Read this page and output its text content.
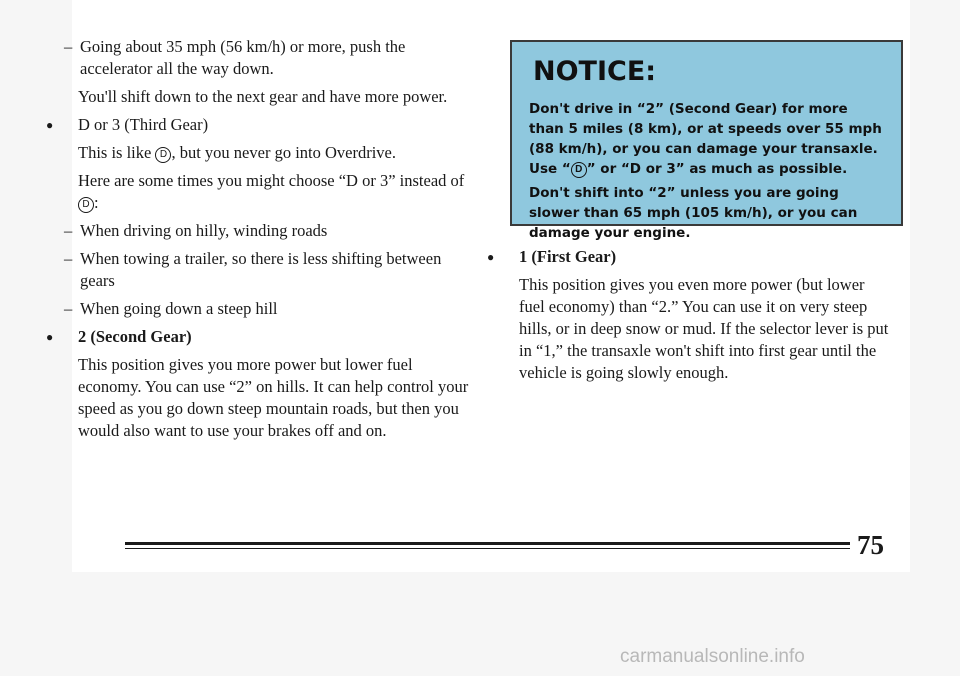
– Going about 35 mph (56 km/h) or more, push the accelerator all the way down.

You'll shift down to the next gear and have more power.

● D or 3 (Third Gear)

This is like D , but you never go into Overdrive.

Here are some times you might choose “D or 3” instead of D :

– When driving on hilly, winding roads
– When towing a trailer, so there is less shifting between gears
– When going down a steep hill
● 2 (Second Gear)

This position gives you more power but lower fuel economy. You can use “2” on hills. It can help control your speed as you go down steep mountain roads, but then you would also want to use your brakes off and on.

NOTICE:

Don't drive in “2” (Second Gear) for more than 5 miles (8 km), or at speeds over 55 mph (88 km/h), or you can damage your transaxle. Use “ D ” or “D or 3” as much as possible.

Don't shift into “2” unless you are going slower than 65 mph (105 km/h), or you can damage your engine.

● 1 (First Gear)

This position gives you even more power (but lower fuel economy) than “2.” You can use it on very steep hills, or in deep snow or mud. If the selector lever is put in “1,” the transaxle won't shift into first gear until the vehicle is going slowly enough.

75
carmanualsonline.info
